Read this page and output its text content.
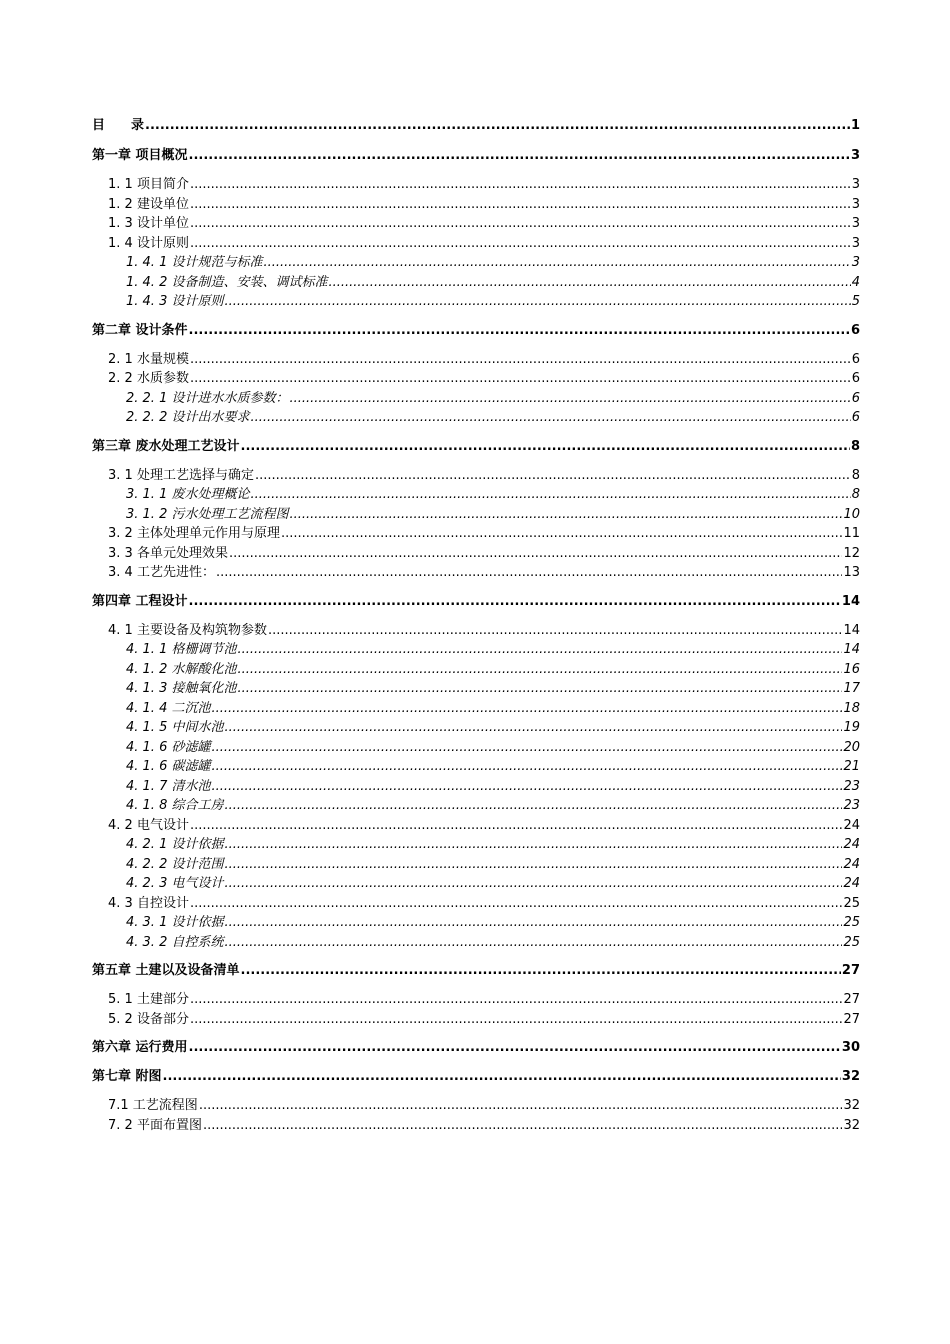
目　　录 .....	1
第一章 项目概况 .....	3
1. 1 项目简介 .....	3
1. 2 建设单位 .....	3
1. 3 设计单位 .....	3
1. 4 设计原则 .....	3
1. 4. 1 设计规范与标准 .....	3
1. 4. 2 设备制造、安装、调试标准 .....	4
1. 4. 3 设计原则 .....	5
第二章 设计条件 .....	6
2. 1 水量规模 .....	6
2. 2 水质参数 .....	6
2. 2. 1 设计进水水质参数： .....	6
2. 2. 2 设计出水要求 .....	6
第三章 废水处理工艺设计 .....	8
3. 1 处理工艺选择与确定 .....	8
3. 1. 1 废水处理概论 .....	8
3. 1. 2 污水处理工艺流程图 .....	10
3. 2 主体处理单元作用与原理 .....	11
3. 3 各单元处理效果 .....	12
3. 4 工艺先进性： .....	13
第四章 工程设计 .....	14
4. 1 主要设备及构筑物参数 .....	14
4. 1. 1 格栅调节池 .....	14
4. 1. 2 水解酸化池 .....	16
4. 1. 3 接触氧化池 .....	17
4. 1. 4 二沉池 .....	18
4. 1. 5 中间水池 .....	19
4. 1. 6 砂滤罐 .....	20
4. 1. 6 碳滤罐 .....	21
4. 1. 7 清水池 .....	23
4. 1. 8 综合工房 .....	23
4. 2 电气设计 .....	24
4. 2. 1 设计依据 .....	24
4. 2. 2 设计范围 .....	24
4. 2. 3 电气设计 .....	24
4. 3 自控设计 .....	25
4. 3. 1 设计依据 .....	25
4. 3. 2 自控系统 .....	25
第五章 土建以及设备清单 .....	27
5. 1 土建部分 .....	27
5. 2 设备部分 .....	27
第六章 运行费用 .....	30
第七章 附图 .....	32
7.1 工艺流程图 .....	32
7. 2 平面布置图 .....	32
